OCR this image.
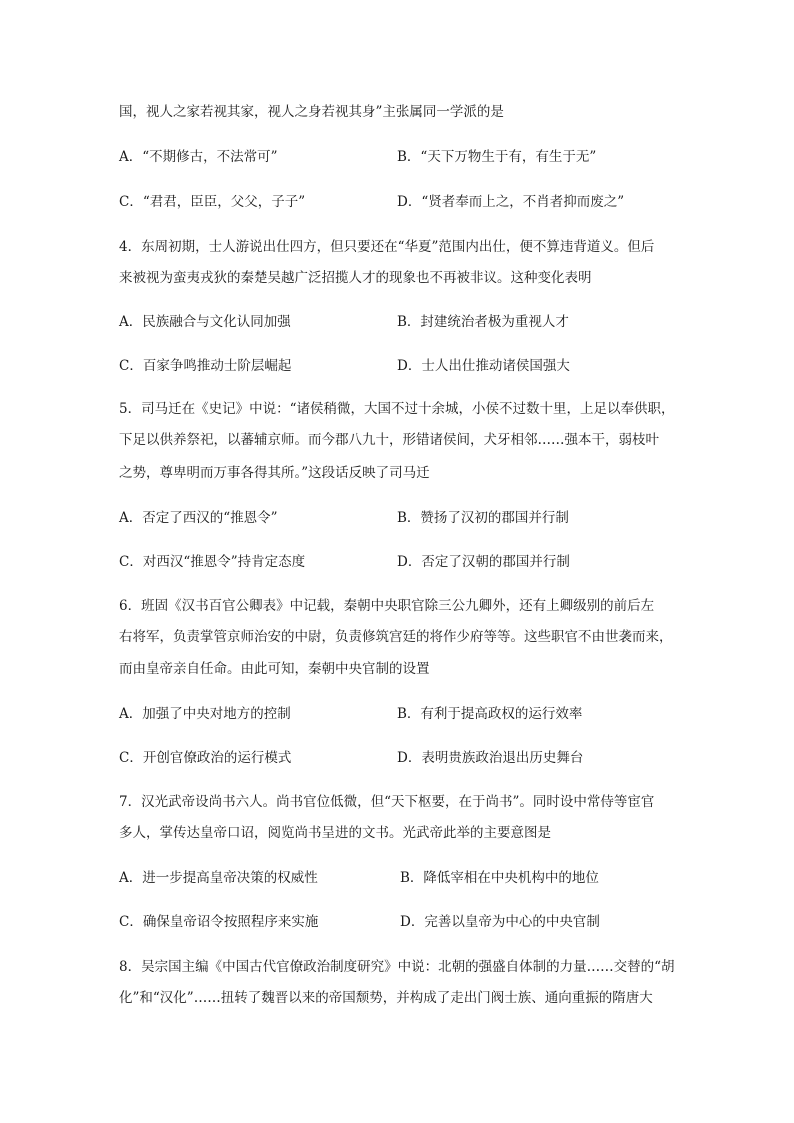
国，视人之家若视其家，视人之身若视其身”主张属同一学派的是
A．“不期修古，不法常可”	B．“天下万物生于有，有生于无”
C．“君君，臣臣，父父，子子”	D．“贤者奉而上之，不肖者抑而废之”
4．东周初期，士人游说出仕四方，但只要还在“华夏”范围内出仕，便不算违背道义。但后
来被视为蛮夷戎狄的秦楚吴越广泛招揽人才的现象也不再被非议。这种变化表明
A．民族融合与文化认同加强	B．封建统治者极为重视人才
C．百家争鸣推动士阶层崛起	D．士人出仕推动诸侯国强大
5．司马迁在《史记》中说：“诸侯稍微，大国不过十余城，小侯不过数十里，上足以奉供职，
下足以供养祭祀，以蕃辅京师。而今郡八九十，形错诸侯间，犬牙相邻……强本干，弱枝叶
之势，尊卑明而万事各得其所。”这段话反映了司马迁
A．否定了西汉的“推恩令”	B．赞扬了汉初的郡国并行制
C．对西汉“推恩令”持肯定态度	D．否定了汉朝的郡国并行制
6．班固《汉书百官公卿表》中记载，秦朝中央职官除三公九卿外，还有上卿级别的前后左
右将军，负责掌管京师治安的中尉，负责修筑宫廷的将作少府等等。这些职官不由世袭而来，
而由皇帝亲自任命。由此可知，秦朝中央官制的设置
A．加强了中央对地方的控制	B．有利于提高政权的运行效率
C．开创官僚政治的运行模式	D．表明贵族政治退出历史舞台
7．汉光武帝设尚书六人。尚书官位低微，但“天下枢要，在于尚书”。同时设中常侍等宦官
多人，掌传达皇帝口诏，阅览尚书呈进的文书。光武帝此举的主要意图是
A．进一步提高皇帝决策的权威性	B．降低宰相在中央机构中的地位
C．确保皇帝诏令按照程序来实施	D．完善以皇帝为中心的中央官制
8．吴宗国主编《中国古代官僚政治制度研究》中说：北朝的强盛自体制的力量……交替的“胡
化”和“汉化”……扭转了魏晋以来的帝国颓势，并构成了走出门阀士族、通向重振的隋唐大
